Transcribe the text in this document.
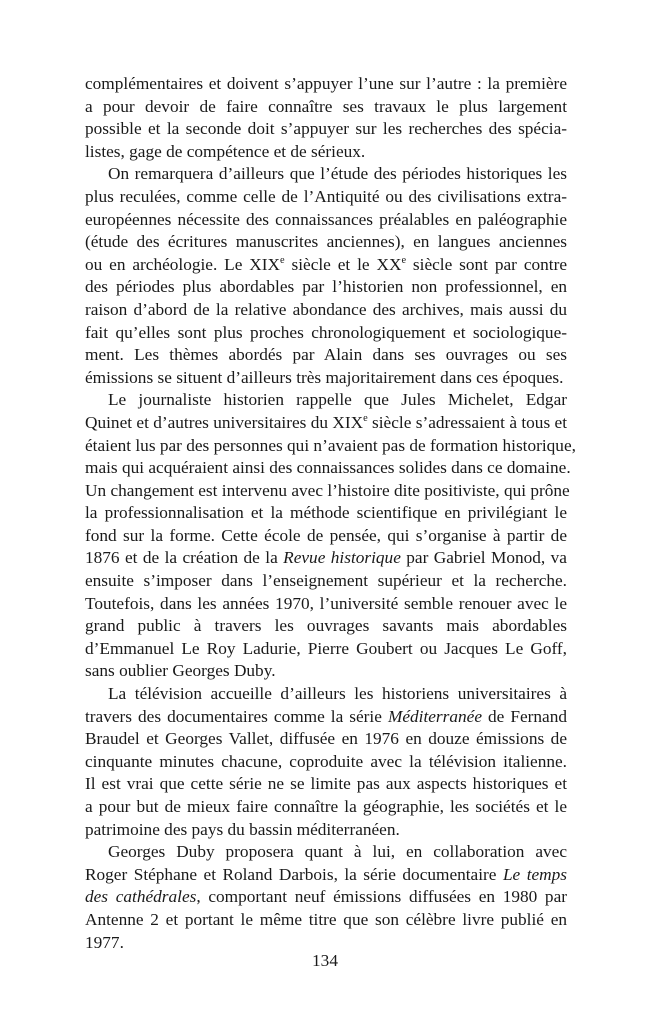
complémentaires et doivent s’appuyer l’une sur l’autre : la première
a pour devoir de faire connaître ses travaux le plus largement
possible et la seconde doit s’appuyer sur les recherches des spécia-
listes, gage de compétence et de sérieux.
On remarquera d’ailleurs que l’étude des périodes historiques les
plus reculées, comme celle de l’Antiquité ou des civilisations extra-
européennes nécessite des connaissances préalables en paléographie
(étude des écritures manuscrites anciennes), en langues anciennes
ou en archéologie. Le XIXe siècle et le XXe siècle sont par contre
des périodes plus abordables par l’historien non professionnel, en
raison d’abord de la relative abondance des archives, mais aussi du
fait qu’elles sont plus proches chronologiquement et sociologique-
ment. Les thèmes abordés par Alain dans ses ouvrages ou ses
émissions se situent d’ailleurs très majoritairement dans ces époques.
Le journaliste historien rappelle que Jules Michelet, Edgar
Quinet et d’autres universitaires du XIXe siècle s’adressaient à tous et
étaient lus par des personnes qui n’avaient pas de formation historique,
mais qui acquéraient ainsi des connaissances solides dans ce domaine.
Un changement est intervenu avec l’histoire dite positiviste, qui prône
la professionnalisation et la méthode scientifique en privilégiant le
fond sur la forme. Cette école de pensée, qui s’organise à partir de
1876 et de la création de la Revue historique par Gabriel Monod, va
ensuite s’imposer dans l’enseignement supérieur et la recherche.
Toutefois, dans les années 1970, l’université semble renouer avec le
grand public à travers les ouvrages savants mais abordables
d’Emmanuel Le Roy Ladurie, Pierre Goubert ou Jacques Le Goff,
sans oublier Georges Duby.
La télévision accueille d’ailleurs les historiens universitaires à
travers des documentaires comme la série Méditerranée de Fernand
Braudel et Georges Vallet, diffusée en 1976 en douze émissions de
cinquante minutes chacune, coproduite avec la télévision italienne.
Il est vrai que cette série ne se limite pas aux aspects historiques et
a pour but de mieux faire connaître la géographie, les sociétés et le
patrimoine des pays du bassin méditerranéen.
Georges Duby proposera quant à lui, en collaboration avec
Roger Stéphane et Roland Darbois, la série documentaire Le temps
des cathédrales, comportant neuf émissions diffusées en 1980 par
Antenne 2 et portant le même titre que son célèbre livre publié en
1977.
134
